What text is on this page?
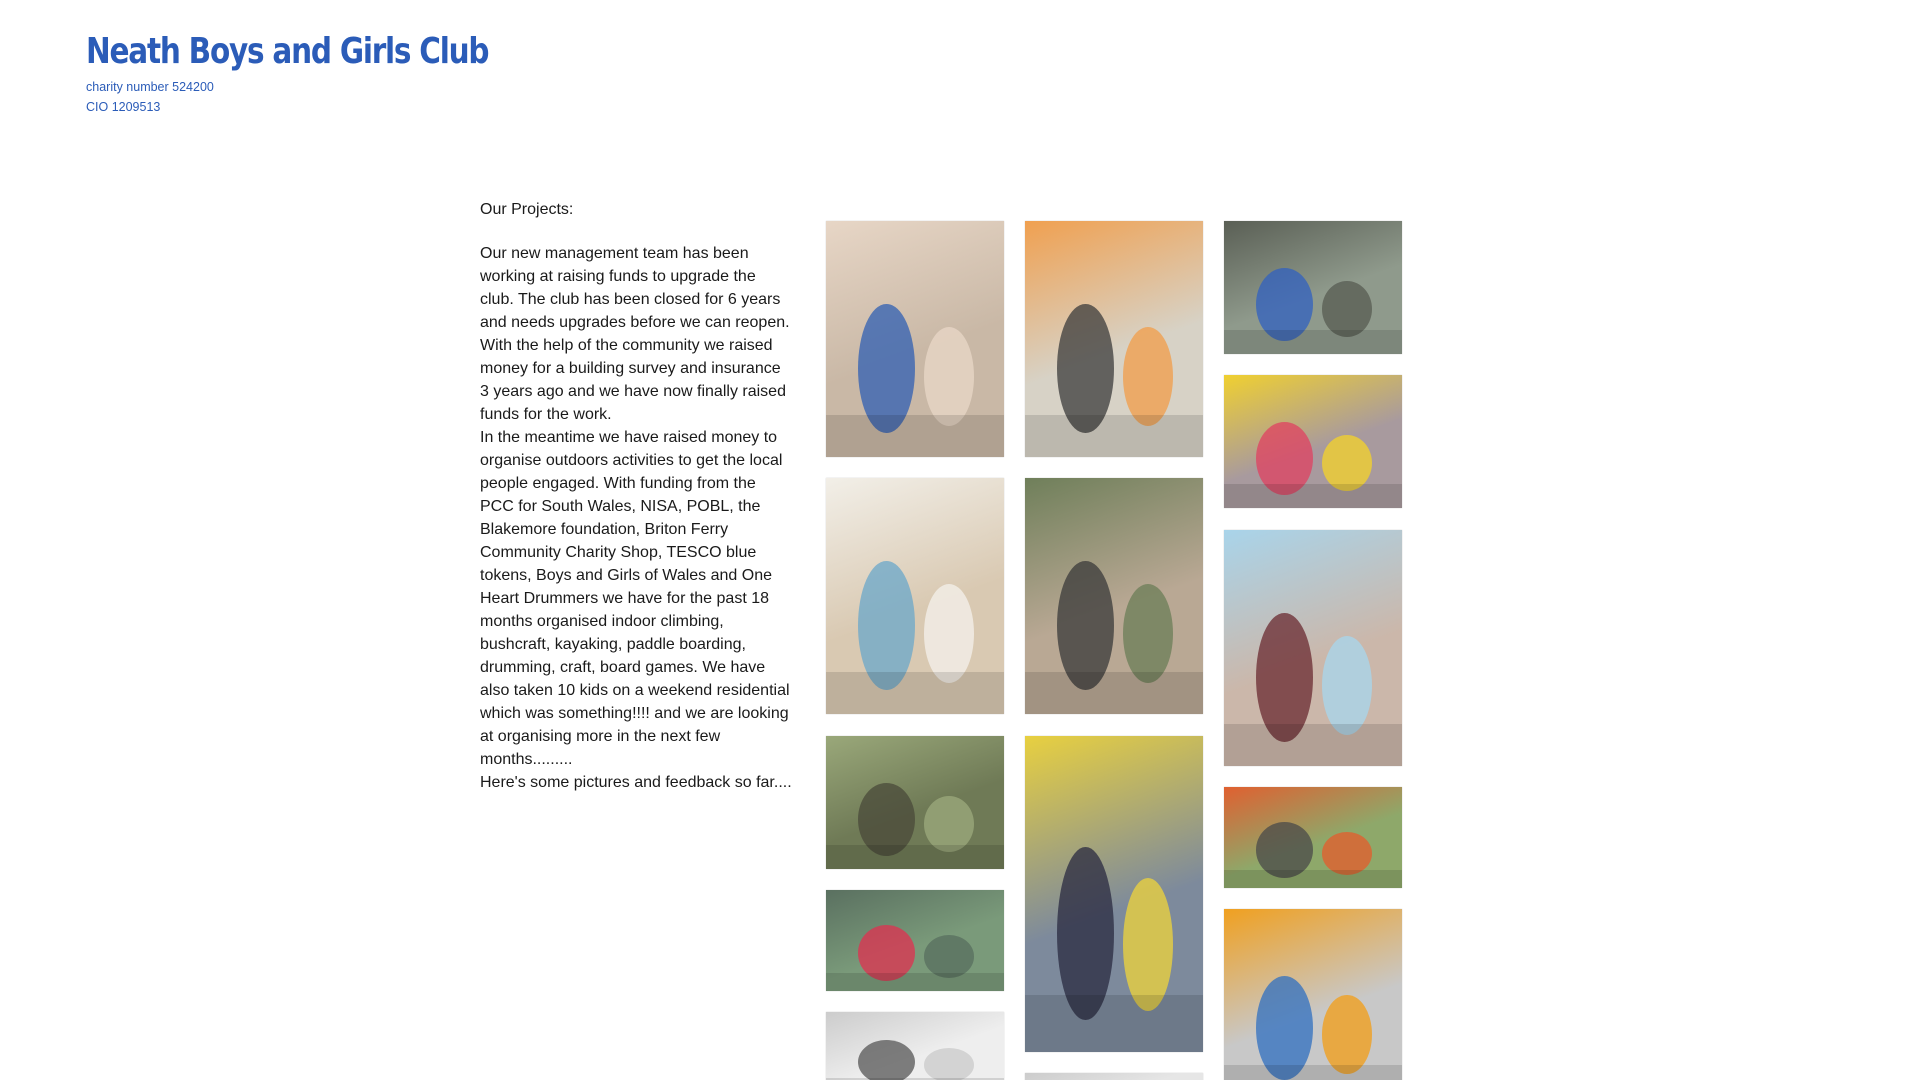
Neath Boys and Girls Club
charity number 524200
CIO 1209513

Our Projects:

Our new management team has been working at raising funds to upgrade the club. The club has been closed for 6 years and needs upgrades before we can reopen.

With the help of the community we raised money for a building survey and insurance 3 years ago and we have now finally raised funds for the work.

In the meantime we have raised money to organise outdoors activities to get the local people engaged. With funding from the PCC for South Wales, NISA, POBL, the Blakemore foundation, Briton Ferry Community Charity Shop, TESCO blue tokens, Boys and Girls of Wales and One Heart Drummers we have for the past 18 months organised indoor climbing, bushcraft, kayaking, paddle boarding, drumming, craft, board games. We have also taken 10 kids on a weekend residential which was something!!!! and we are looking at organising more in the next few months.........

Here's some pictures and feedback so far....
